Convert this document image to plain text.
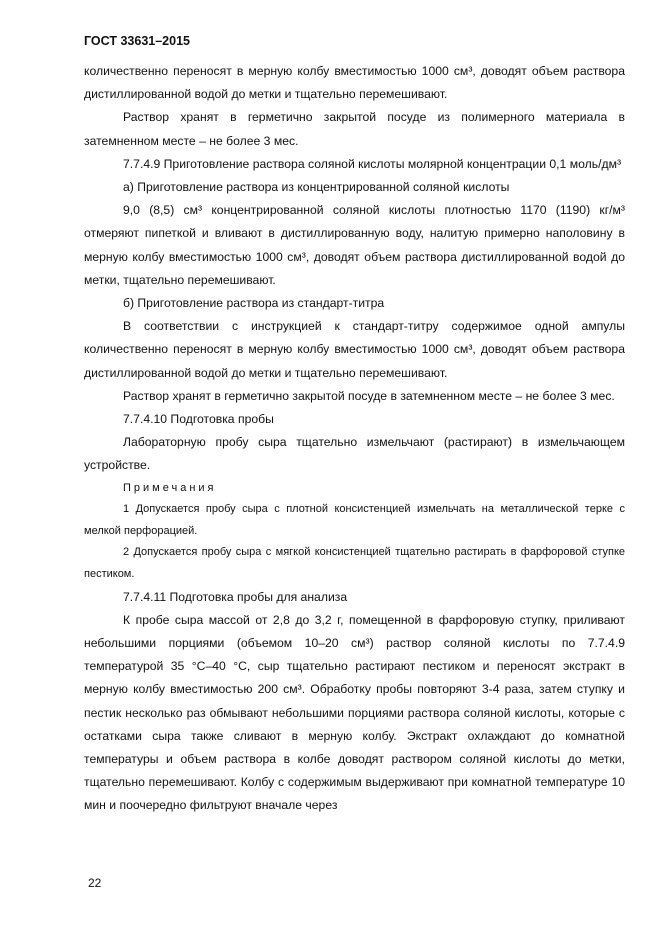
ГОСТ 33631–2015

количественно переносят в мерную колбу вместимостью 1000 см³, доводят объем раствора дистиллированной водой до метки и тщательно перемешивают.

Раствор хранят в герметично закрытой посуде из полимерного материала в затемненном месте – не более 3 мес.

7.7.4.9 Приготовление раствора соляной кислоты молярной концентрации 0,1 моль/дм³

а) Приготовление раствора из концентрированной соляной кислоты

9,0 (8,5) см³ концентрированной соляной кислоты плотностью 1170 (1190) кг/м³ отмеряют пипеткой и вливают в дистиллированную воду, налитую примерно наполовину в мерную колбу вместимостью 1000 см³, доводят объем раствора дистиллированной водой до метки, тщательно перемешивают.

б) Приготовление раствора из стандарт-титра

В соответствии с инструкцией к стандарт-титру содержимое одной ампулы количественно переносят в мерную колбу вместимостью 1000 см³, доводят объем раствора дистиллированной водой до метки и тщательно перемешивают.

Раствор хранят в герметично закрытой посуде в затемненном месте – не более 3 мес.

7.7.4.10 Подготовка пробы

Лабораторную пробу сыра тщательно измельчают (растирают) в измельчающем устройстве.

Примечания

1 Допускается пробу сыра с плотной консистенцией измельчать на металлической терке с мелкой перфорацией.

2 Допускается пробу сыра с мягкой консистенцией тщательно растирать в фарфоровой ступке пестиком.

7.7.4.11 Подготовка пробы для анализа

К пробе сыра массой от 2,8 до 3,2 г, помещенной в фарфоровую ступку, приливают небольшими порциями (объемом 10–20 см³) раствор соляной кислоты по 7.7.4.9 температурой 35 °С–40 °С, сыр тщательно растирают пестиком и переносят экстракт в мерную колбу вместимостью 200 см³. Обработку пробы повторяют 3-4 раза, затем ступку и пестик несколько раз обмывают небольшими порциями раствора соляной кислоты, которые с остатками сыра также сливают в мерную колбу. Экстракт охлаждают до комнатной температуры и объем раствора в колбе доводят раствором соляной кислоты до метки, тщательно перемешивают. Колбу с содержимым выдерживают при комнатной температуре 10 мин и поочередно фильтруют вначале через

22
